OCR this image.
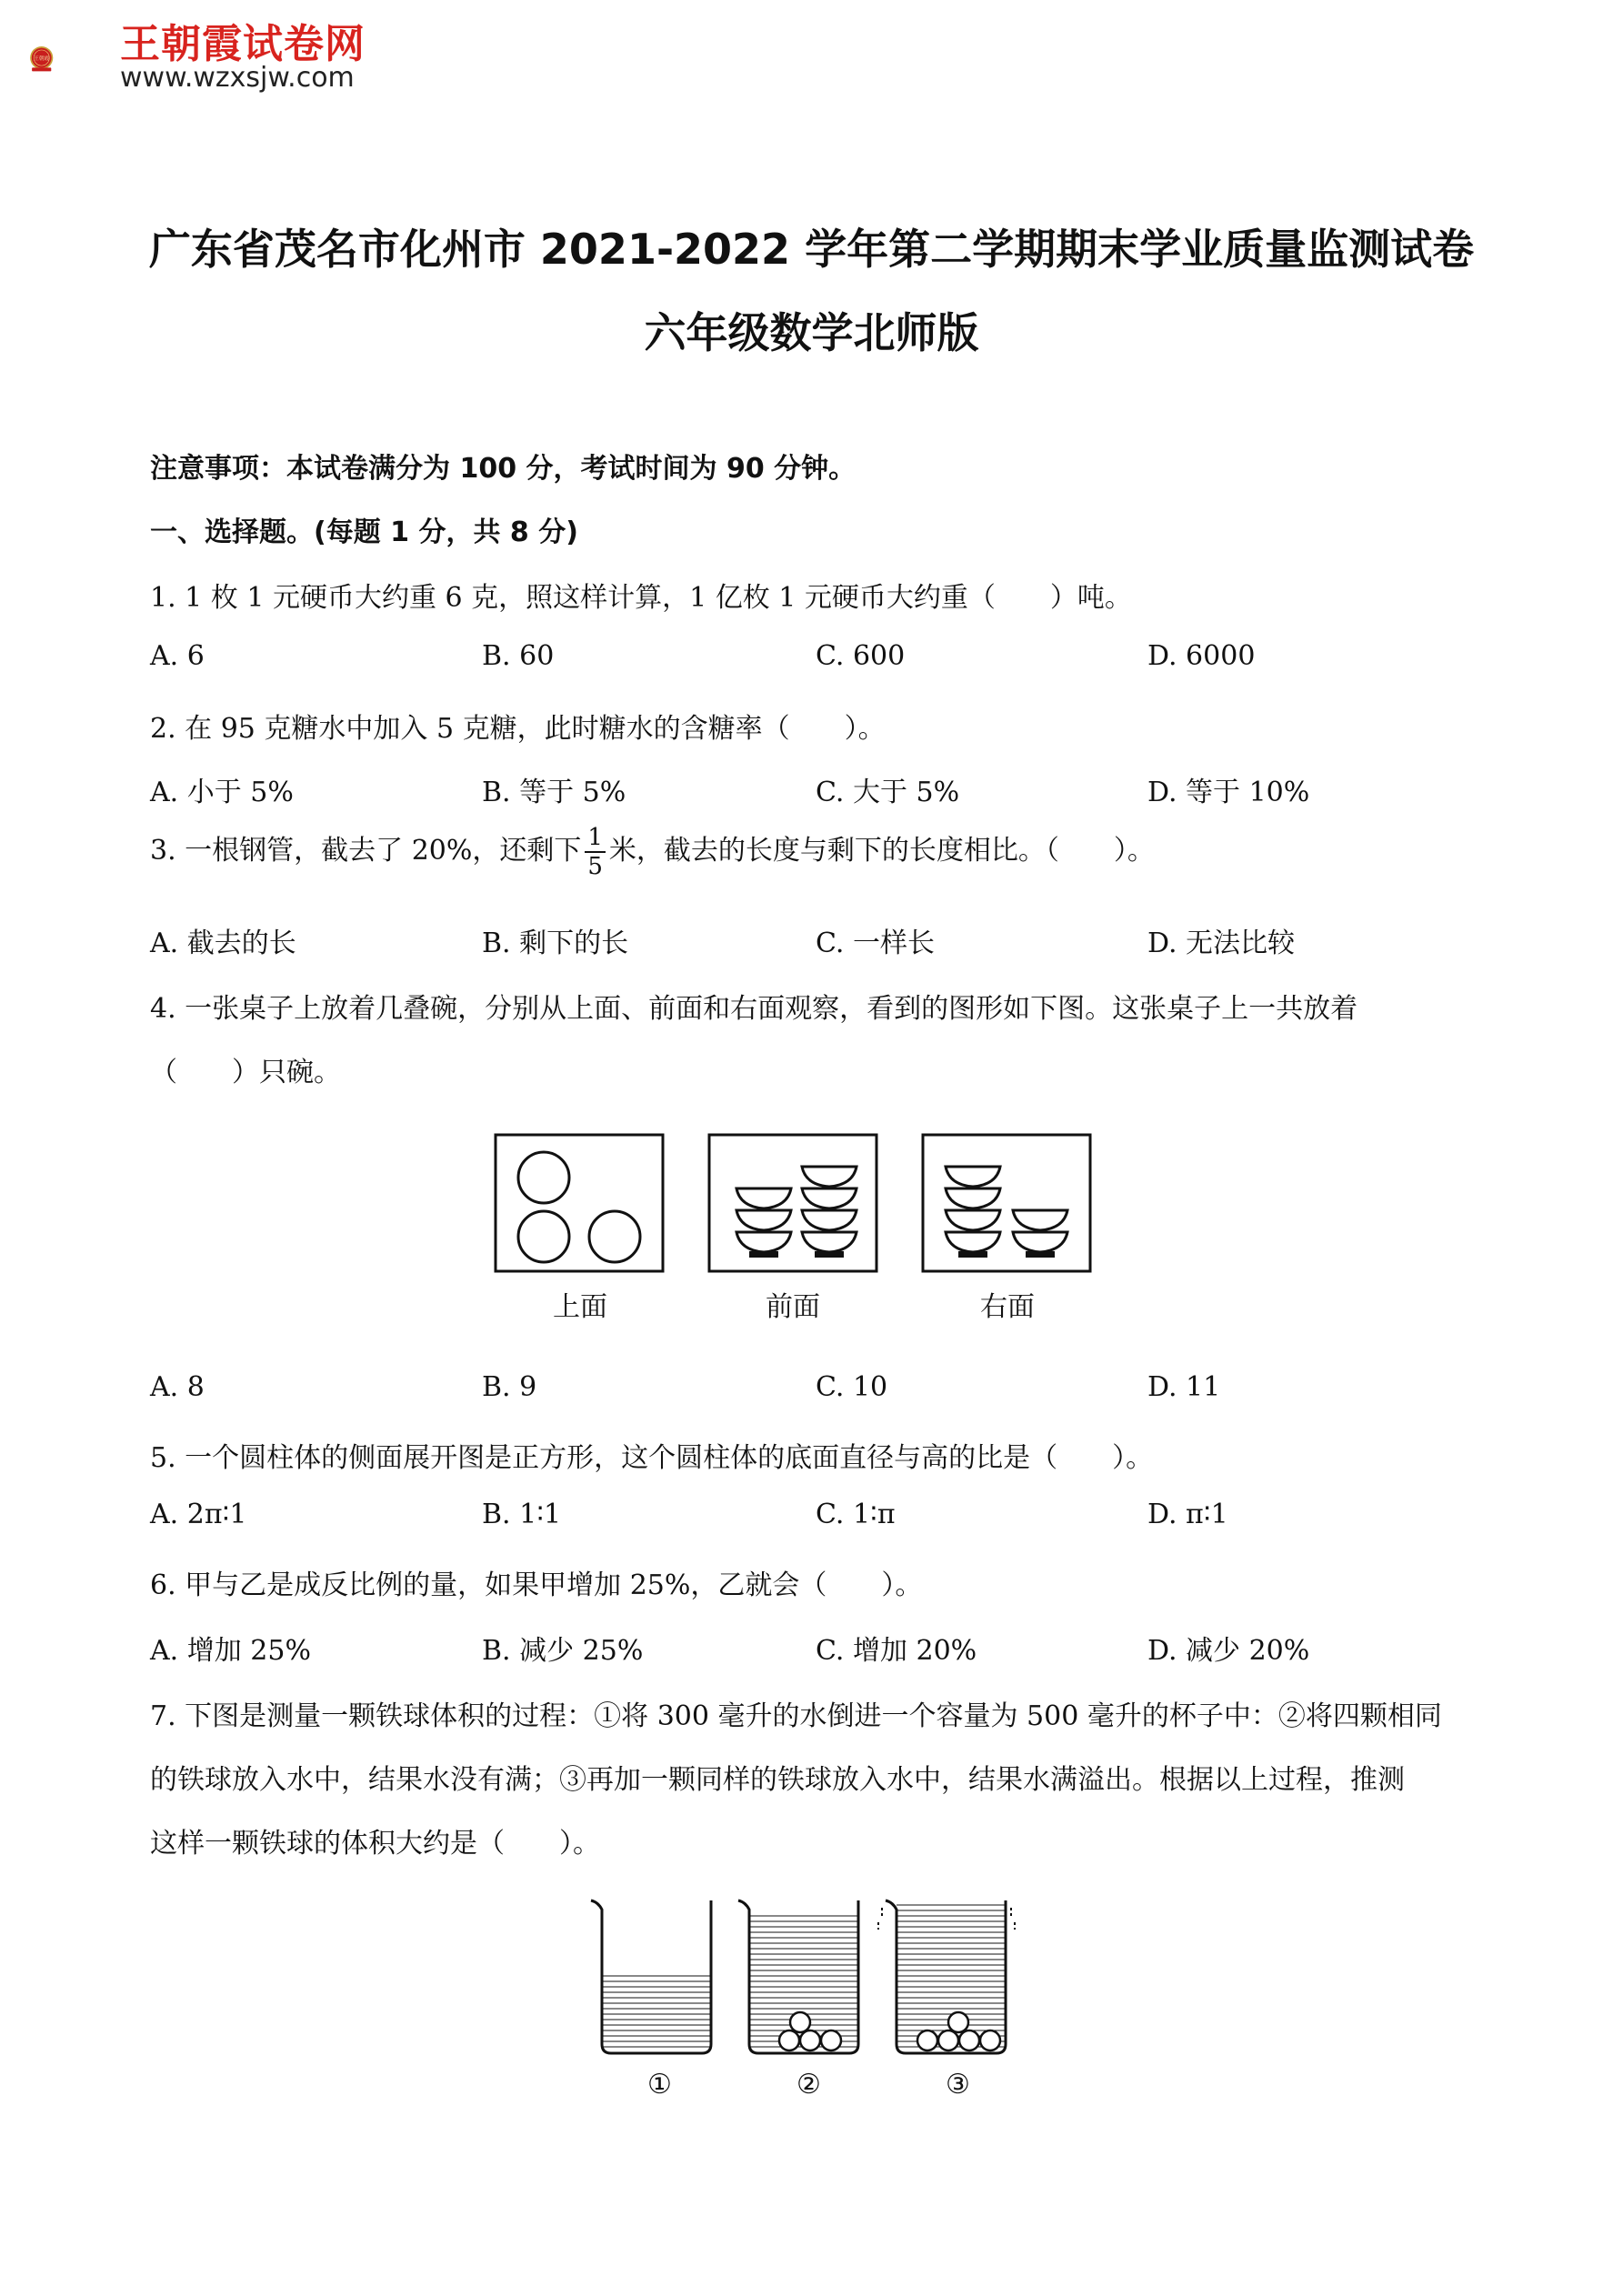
王朝霞 王朝霞试卷网
www.wzxsjw.com
广东省茂名市化州市 2021-2022 学年第二学期期末学业质量监测试卷
六年级数学北师版
注意事项：本试卷满分为 100 分，考试时间为 90 分钟。
一、选择题。(每题 1 分，共 8 分)
1. 1 枚 1 元硬币大约重 6 克，照这样计算，1 亿枚 1 元硬币大约重（　　）吨。
A. 6	B. 60	C. 600	D. 6000
2. 在 95 克糖水中加入 5 克糖，此时糖水的含糖率（　　）。
A. 小于 5%	B. 等于 5%	C. 大于 5%	D. 等于 10%
3. 一根钢管，截去了 20%，还剩下 $\frac{1}{5}$ 米，截去的长度与剩下的长度相比。（　　）。
A. 截去的长	B. 剩下的长	C. 一样长	D. 无法比较
4. 一张桌子上放着几叠碗，分别从上面、前面和右面观察，看到的图形如下图。这张桌子上一共放着
（　　）只碗。
上面	前面	右面
A. 8	B. 9	C. 10	D. 11
5. 一个圆柱体的侧面展开图是正方形，这个圆柱体的底面直径与高的比是（　　）。
A. 2π∶1	B. 1∶1	C. 1∶π	D. π∶1
6. 甲与乙是成反比例的量，如果甲增加 25%，乙就会（　　）。
A. 增加 25%	B. 减少 25%	C. 增加 20%	D. 减少 20%
7. 下图是测量一颗铁球体积的过程：①将 300 毫升的水倒进一个容量为 500 毫升的杯子中：②将四颗相同
的铁球放入水中，结果水没有满；③再加一颗同样的铁球放入水中，结果水满溢出。根据以上过程，推测
这样一颗铁球的体积大约是（　　）。
①	②	③
